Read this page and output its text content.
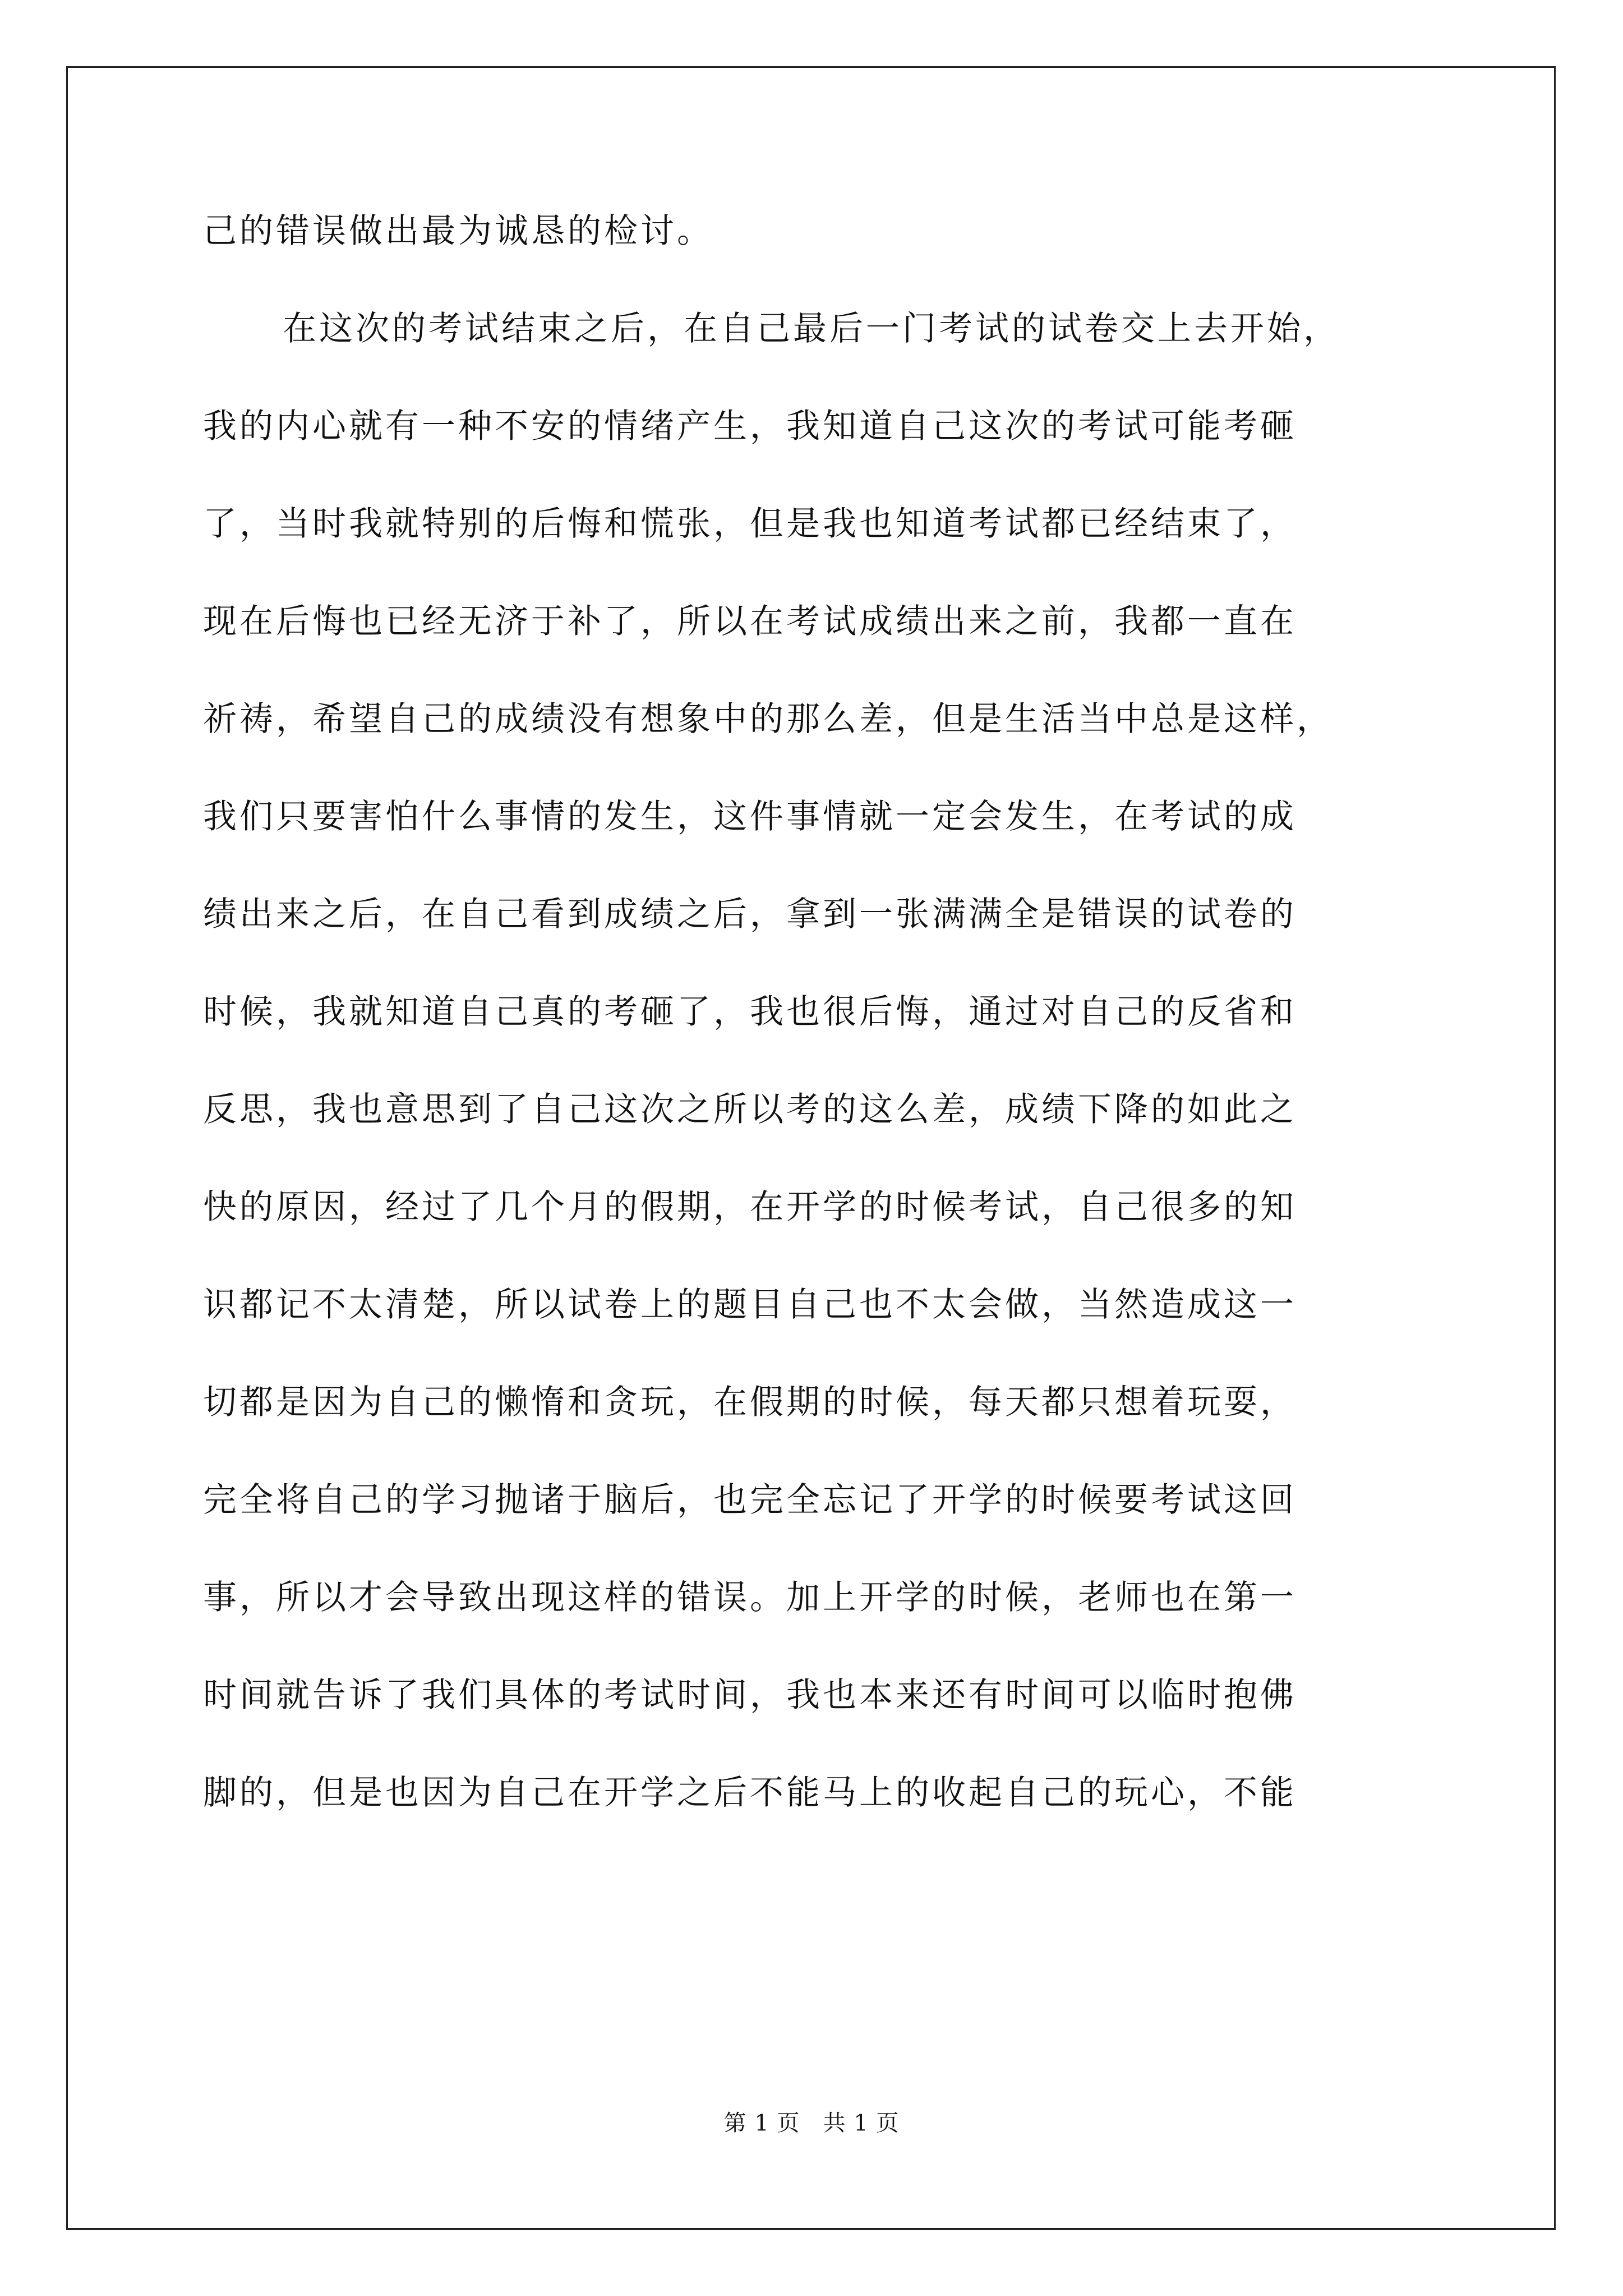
己的错误做出最为诚恳的检讨。
在这次的考试结束之后，在自己最后一门考试的试卷交上去开始，
我的内心就有一种不安的情绪产生，我知道自己这次的考试可能考砸
了，当时我就特别的后悔和慌张，但是我也知道考试都已经结束了，
现在后悔也已经无济于补了，所以在考试成绩出来之前，我都一直在
祈祷，希望自己的成绩没有想象中的那么差，但是生活当中总是这样，
我们只要害怕什么事情的发生，这件事情就一定会发生，在考试的成
绩出来之后，在自己看到成绩之后，拿到一张满满全是错误的试卷的
时候，我就知道自己真的考砸了，我也很后悔，通过对自己的反省和
反思，我也意思到了自己这次之所以考的这么差，成绩下降的如此之
快的原因，经过了几个月的假期，在开学的时候考试，自己很多的知
识都记不太清楚，所以试卷上的题目自己也不太会做，当然造成这一
切都是因为自己的懒惰和贪玩，在假期的时候，每天都只想着玩耍，
完全将自己的学习抛诸于脑后，也完全忘记了开学的时候要考试这回
事，所以才会导致出现这样的错误。加上开学的时候，老师也在第一
时间就告诉了我们具体的考试时间，我也本来还有时间可以临时抱佛
脚的，但是也因为自己在开学之后不能马上的收起自己的玩心，不能
第 1 页　共 1 页
